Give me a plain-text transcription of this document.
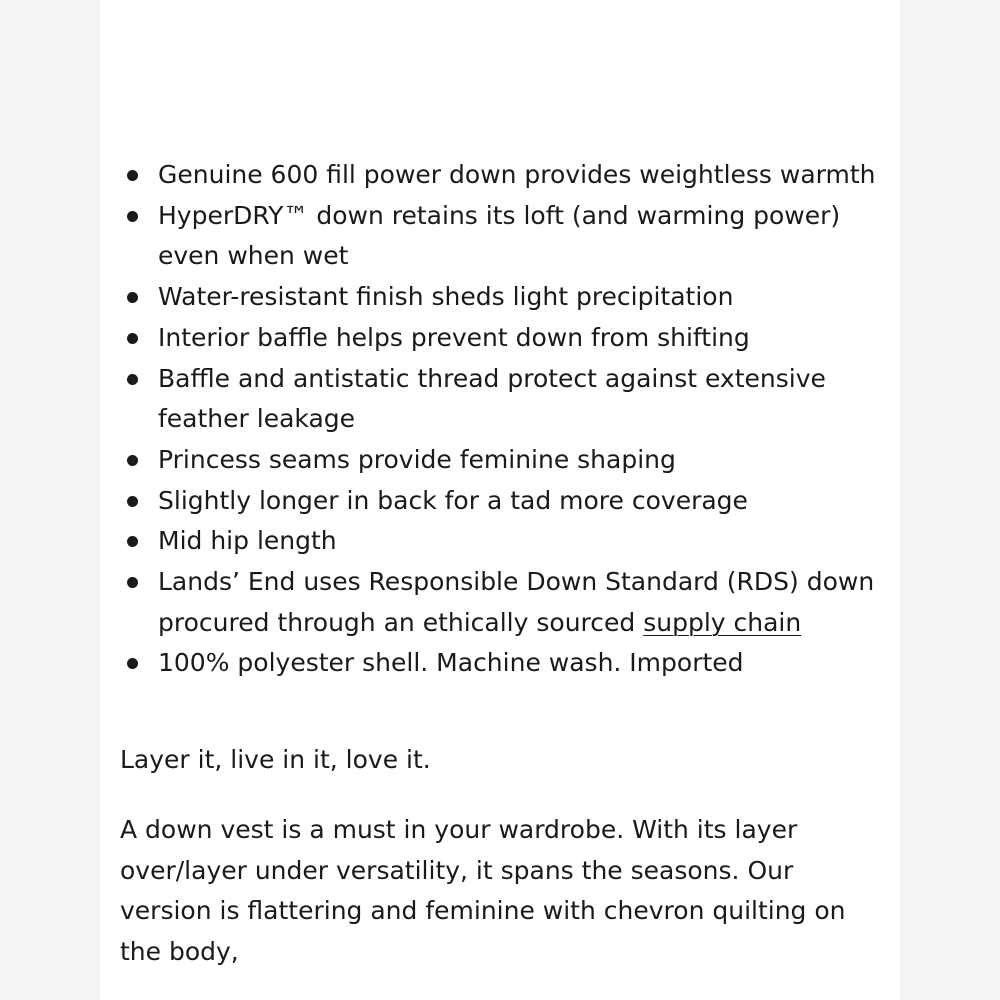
Genuine 600 fill power down provides weightless warmth
HyperDRY™ down retains its loft (and warming power) even when wet
Water-resistant finish sheds light precipitation
Interior baffle helps prevent down from shifting
Baffle and antistatic thread protect against extensive feather leakage
Princess seams provide feminine shaping
Slightly longer in back for a tad more coverage
Mid hip length
Lands’ End uses Responsible Down Standard (RDS) down procured through an ethically sourced supply chain
100% polyester shell. Machine wash. Imported

Layer it, live in it, love it.

A down vest is a must in your wardrobe. With its layer over/layer under versatility, it spans the seasons. Our version is flattering and feminine with chevron quilting on the body,
